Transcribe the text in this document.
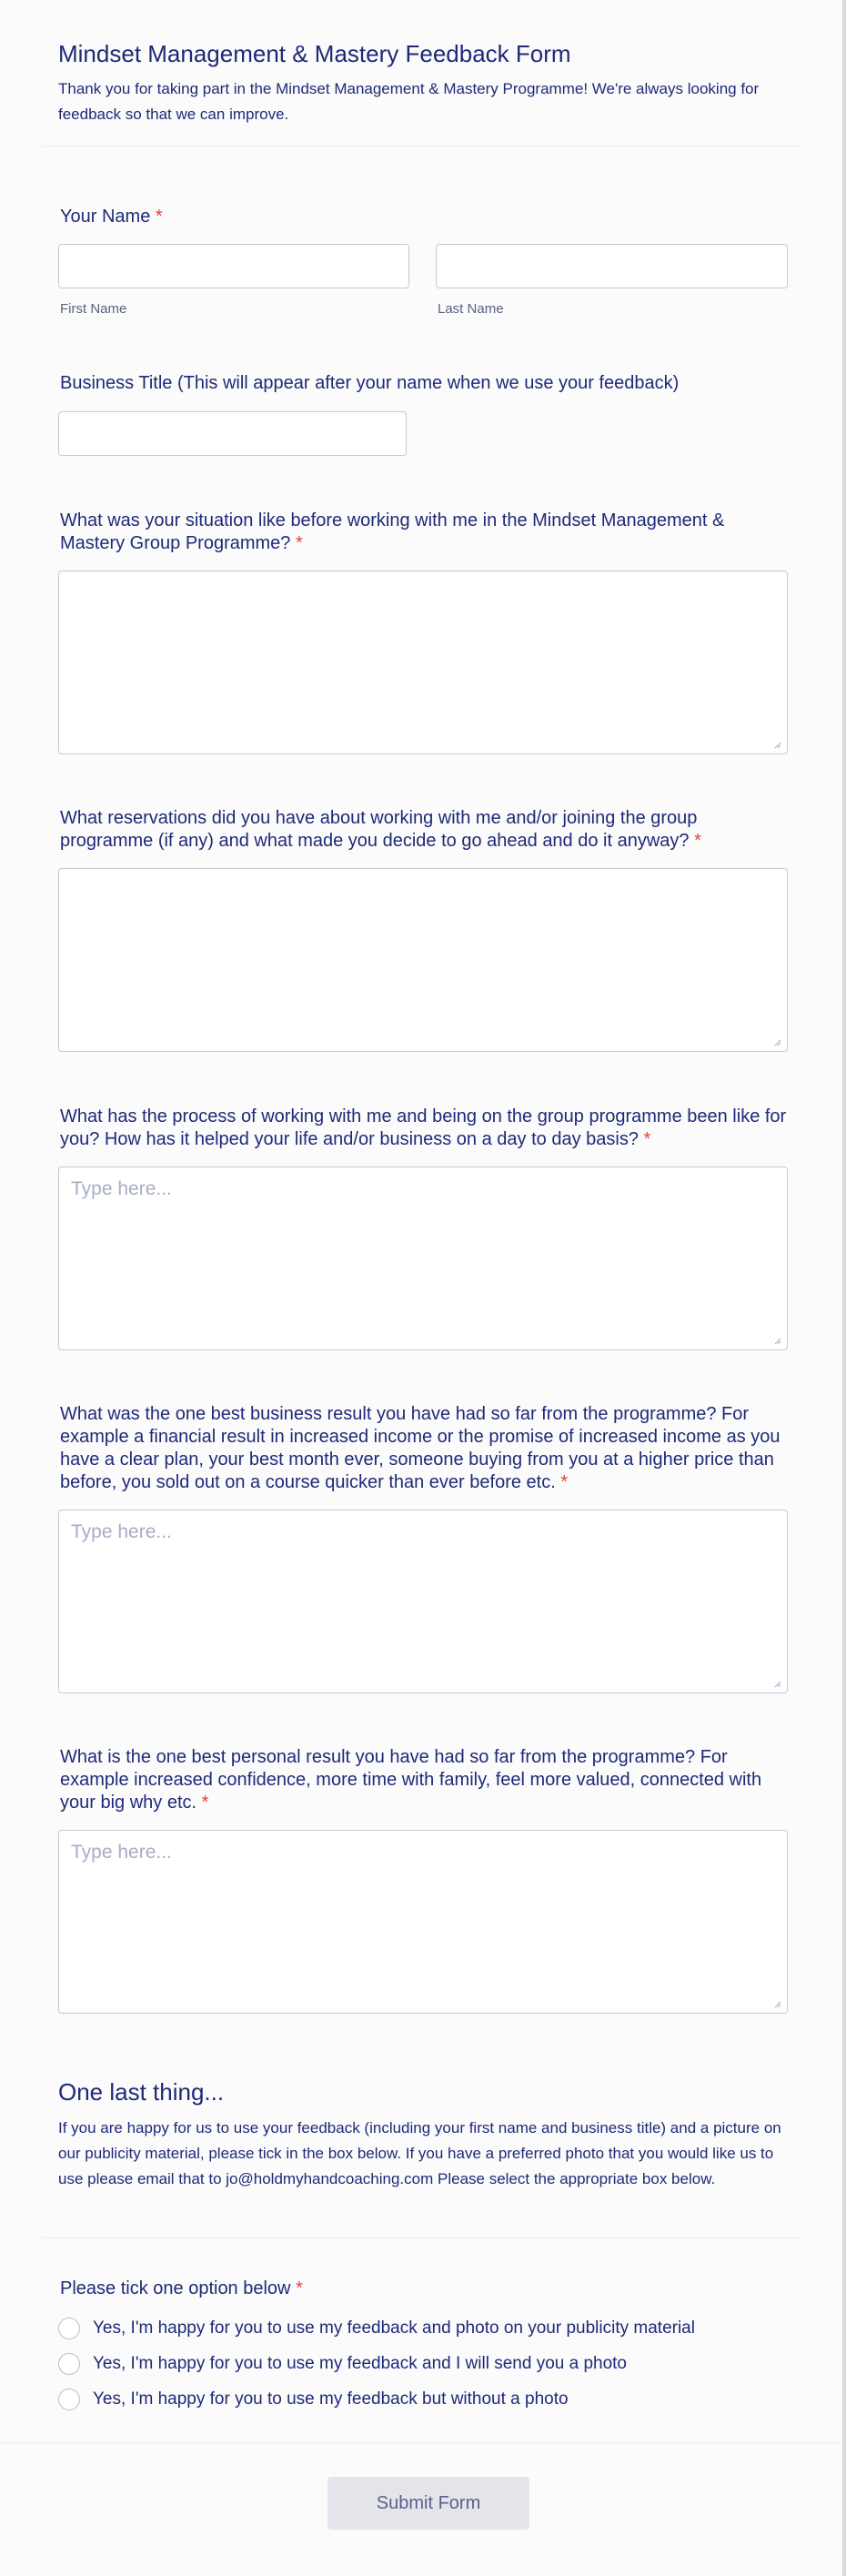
Mindset Management & Mastery Feedback Form

Thank you for taking part in the Mindset Management & Mastery Programme! We're always looking for feedback so that we can improve.

Your Name *
First Name	Last Name
Business Title (This will appear after your name when we use your feedback)
What was your situation like before working with me in the Mindset Management & Mastery Group Programme? *
What reservations did you have about working with me and/or joining the group programme (if any) and what made you decide to go ahead and do it anyway? *
What has the process of working with me and being on the group programme been like for you? How has it helped your life and/or business on a day to day basis? *
Type here...
What was the one best business result you have had so far from the programme? For example a financial result in increased income or the promise of increased income as you have a clear plan, your best month ever, someone buying from you at a higher price than before, you sold out on a course quicker than ever before etc. *
Type here...
What is the one best personal result you have had so far from the programme? For example increased confidence, more time with family, feel more valued, connected with your big why etc. *
Type here...
One last thing...
If you are happy for us to use your feedback (including your first name and business title) and a picture on our publicity material, please tick in the box below. If you have a preferred photo that you would like us to use please email that to jo@holdmyhandcoaching.com Please select the appropriate box below.
Please tick one option below *
Yes, I'm happy for you to use my feedback and photo on your publicity material
Yes, I'm happy for you to use my feedback and I will send you a photo
Yes, I'm happy for you to use my feedback but without a photo
Submit Form
